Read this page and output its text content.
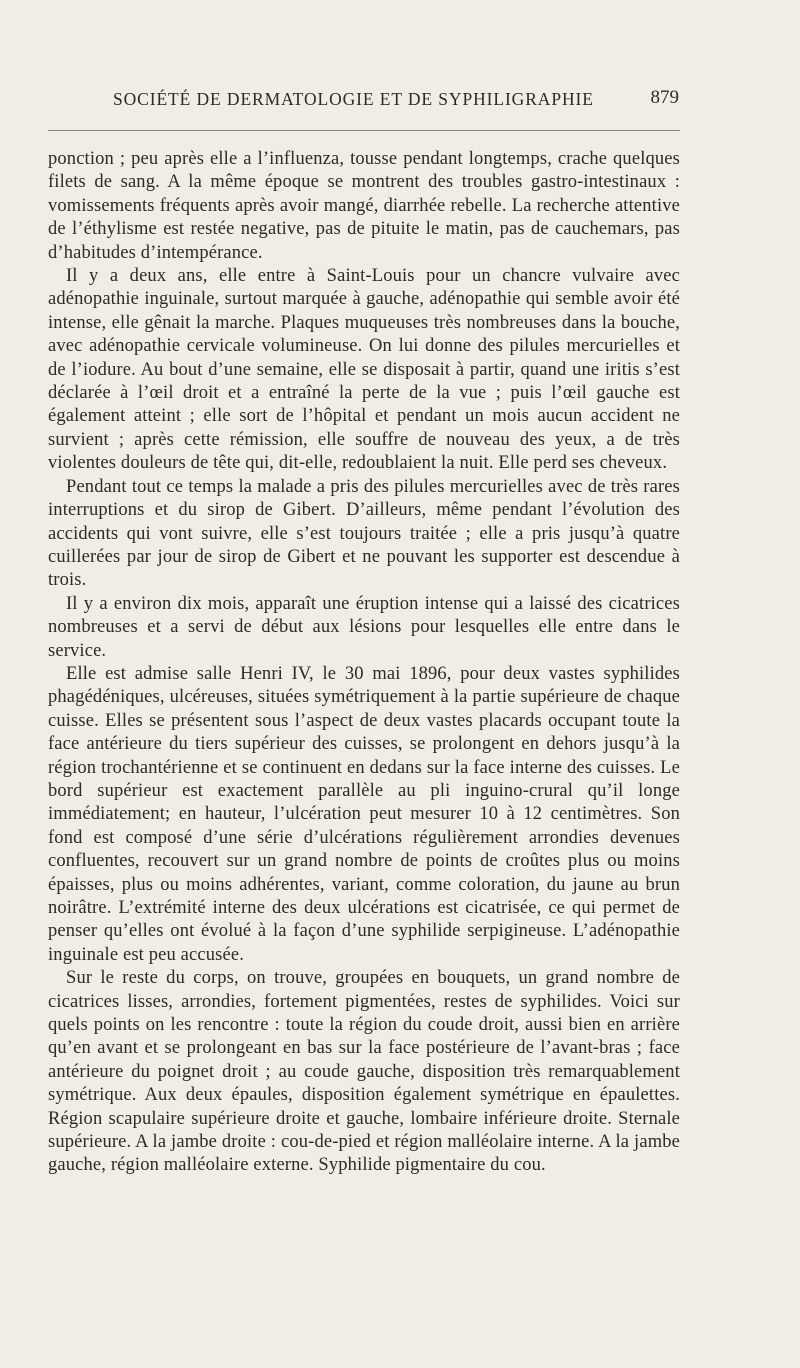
SOCIÉTÉ DE DERMATOLOGIE ET DE SYPHILIGRAPHIE	879

ponction ; peu après elle a l’influenza, tousse pendant longtemps, crache quelques filets de sang. A la même époque se montrent des troubles gastro-intestinaux : vomissements fréquents après avoir mangé, diarrhée rebelle. La recherche attentive de l’éthylisme est restée negative, pas de pituite le matin, pas de cauchemars, pas d’habitudes d’intempérance.

Il y a deux ans, elle entre à Saint-Louis pour un chancre vulvaire avec adénopathie inguinale, surtout marquée à gauche, adénopathie qui semble avoir été intense, elle gênait la marche. Plaques muqueuses très nombreuses dans la bouche, avec adénopathie cervicale volumineuse. On lui donne des pilules mercurielles et de l’iodure. Au bout d’une semaine, elle se disposait à partir, quand une iritis s’est déclarée à l’œil droit et a entraîné la perte de la vue ; puis l’œil gauche est également atteint ; elle sort de l’hôpital et pendant un mois aucun accident ne survient ; après cette rémission, elle souffre de nouveau des yeux, a de très violentes douleurs de tête qui, dit-elle, redoublaient la nuit. Elle perd ses cheveux.

Pendant tout ce temps la malade a pris des pilules mercurielles avec de très rares interruptions et du sirop de Gibert. D’ailleurs, même pendant l’évolution des accidents qui vont suivre, elle s’est toujours traitée ; elle a pris jusqu’à quatre cuillerées par jour de sirop de Gibert et ne pouvant les supporter est descendue à trois.

Il y a environ dix mois, apparaît une éruption intense qui a laissé des cicatrices nombreuses et a servi de début aux lésions pour lesquelles elle entre dans le service.

Elle est admise salle Henri IV, le 30 mai 1896, pour deux vastes syphilides phagédéniques, ulcéreuses, situées symétriquement à la partie supérieure de chaque cuisse. Elles se présentent sous l’aspect de deux vastes placards occupant toute la face antérieure du tiers supérieur des cuisses, se prolongent en dehors jusqu’à la région trochantérienne et se continuent en dedans sur la face interne des cuisses. Le bord supérieur est exactement parallèle au pli inguino-crural qu’il longe immédiatement; en hauteur, l’ulcération peut mesurer 10 à 12 centimètres. Son fond est composé d’une série d’ulcérations régulièrement arrondies devenues confluentes, recouvert sur un grand nombre de points de croûtes plus ou moins épaisses, plus ou moins adhérentes, variant, comme coloration, du jaune au brun noirâtre. L’extrémité interne des deux ulcérations est cicatrisée, ce qui permet de penser qu’elles ont évolué à la façon d’une syphilide serpigineuse. L’adénopathie inguinale est peu accusée.

Sur le reste du corps, on trouve, groupées en bouquets, un grand nombre de cicatrices lisses, arrondies, fortement pigmentées, restes de syphilides. Voici sur quels points on les rencontre : toute la région du coude droit, aussi bien en arrière qu’en avant et se prolongeant en bas sur la face postérieure de l’avant-bras ; face antérieure du poignet droit ; au coude gauche, disposition très remarquablement symétrique. Aux deux épaules, disposition également symétrique en épaulettes. Région scapulaire supérieure droite et gauche, lombaire inférieure droite. Sternale supérieure. A la jambe droite : cou-de-pied et région malléolaire interne. A la jambe gauche, région malléolaire externe. Syphilide pigmentaire du cou.
